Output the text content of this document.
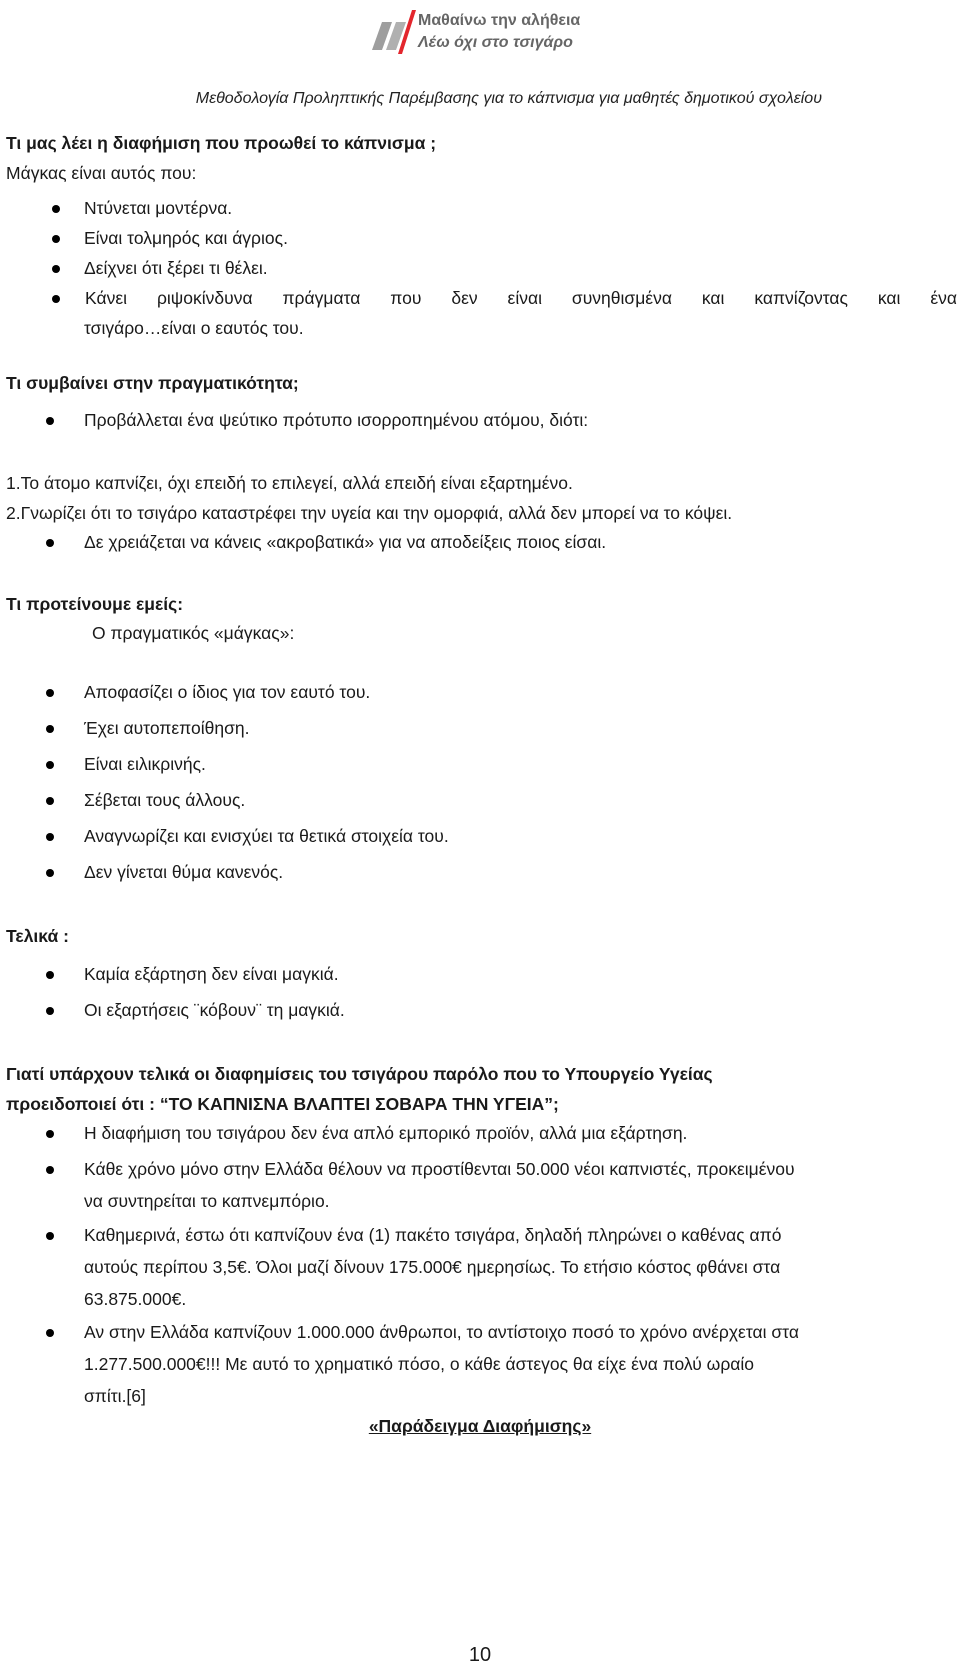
Μαθαίνω την αλήθεια
Λέω όχι στο τσιγάρο
Μεθοδολογία Προληπτικής Παρέμβασης για το κάπνισμα για μαθητές δημοτικού σχολείου
Τι μας λέει η διαφήμιση που προωθεί το κάπνισμα ;
Μάγκας είναι αυτός που:
Ντύνεται μοντέρνα.
Είναι τολμηρός και άγριος.
Δείχνει ότι ξέρει τι θέλει.
Κάνει ριψοκίνδυνα πράγματα που δεν είναι συνηθισμένα και καπνίζοντας και ένα
τσιγάρο…είναι ο εαυτός του.
Τι συμβαίνει στην πραγματικότητα;
Προβάλλεται ένα ψεύτικο πρότυπο ισορροπημένου ατόμου, διότι:
1.Το άτομο καπνίζει, όχι επειδή το επιλεγεί, αλλά επειδή είναι εξαρτημένο.
2.Γνωρίζει ότι το τσιγάρο καταστρέφει την υγεία και την ομορφιά, αλλά δεν μπορεί να το κόψει.
Δε χρειάζεται να κάνεις «ακροβατικά» για να αποδείξεις ποιος είσαι.
Τι προτείνουμε εμείς:
Ο πραγματικός «μάγκας»:
Αποφασίζει ο ίδιος για τον εαυτό του.
Έχει αυτοπεποίθηση.
Είναι ειλικρινής.
Σέβεται τους άλλους.
Αναγνωρίζει και ενισχύει τα θετικά στοιχεία του.
Δεν γίνεται θύμα κανενός.
Τελικά :
Καμία εξάρτηση δεν είναι μαγκιά.
Οι εξαρτήσεις ¨κόβουν¨ τη μαγκιά.
Γιατί υπάρχουν τελικά οι διαφημίσεις του τσιγάρου παρόλο που το Υπουργείο Υγείας
προειδοποιεί ότι : “ΤΟ ΚΑΠΝΙΣΝΑ ΒΛΑΠΤΕΙ ΣΟΒΑΡΑ ΤΗΝ ΥΓΕΙΑ”;
Η διαφήμιση του τσιγάρου δεν ένα απλό εμπορικό προϊόν, αλλά μια εξάρτηση.
Κάθε χρόνο μόνο στην Ελλάδα θέλουν να προστίθενται 50.000 νέοι καπνιστές, προκειμένου
να συντηρείται το καπνεμπόριο.
Καθημερινά, έστω ότι καπνίζουν ένα (1) πακέτο τσιγάρα, δηλαδή πληρώνει ο καθένας από
αυτούς περίπου 3,5€. Όλοι μαζί δίνουν 175.000€ ημερησίως. Το ετήσιο κόστος φθάνει στα
63.875.000€.
Αν στην Ελλάδα καπνίζουν 1.000.000 άνθρωποι, το αντίστοιχο ποσό το χρόνο ανέρχεται στα
1.277.500.000€!!! Με αυτό το χρηματικό πόσο, ο κάθε άστεγος θα είχε ένα πολύ ωραίο
σπίτι.[6]
«Παράδειγμα Διαφήμισης»
10
